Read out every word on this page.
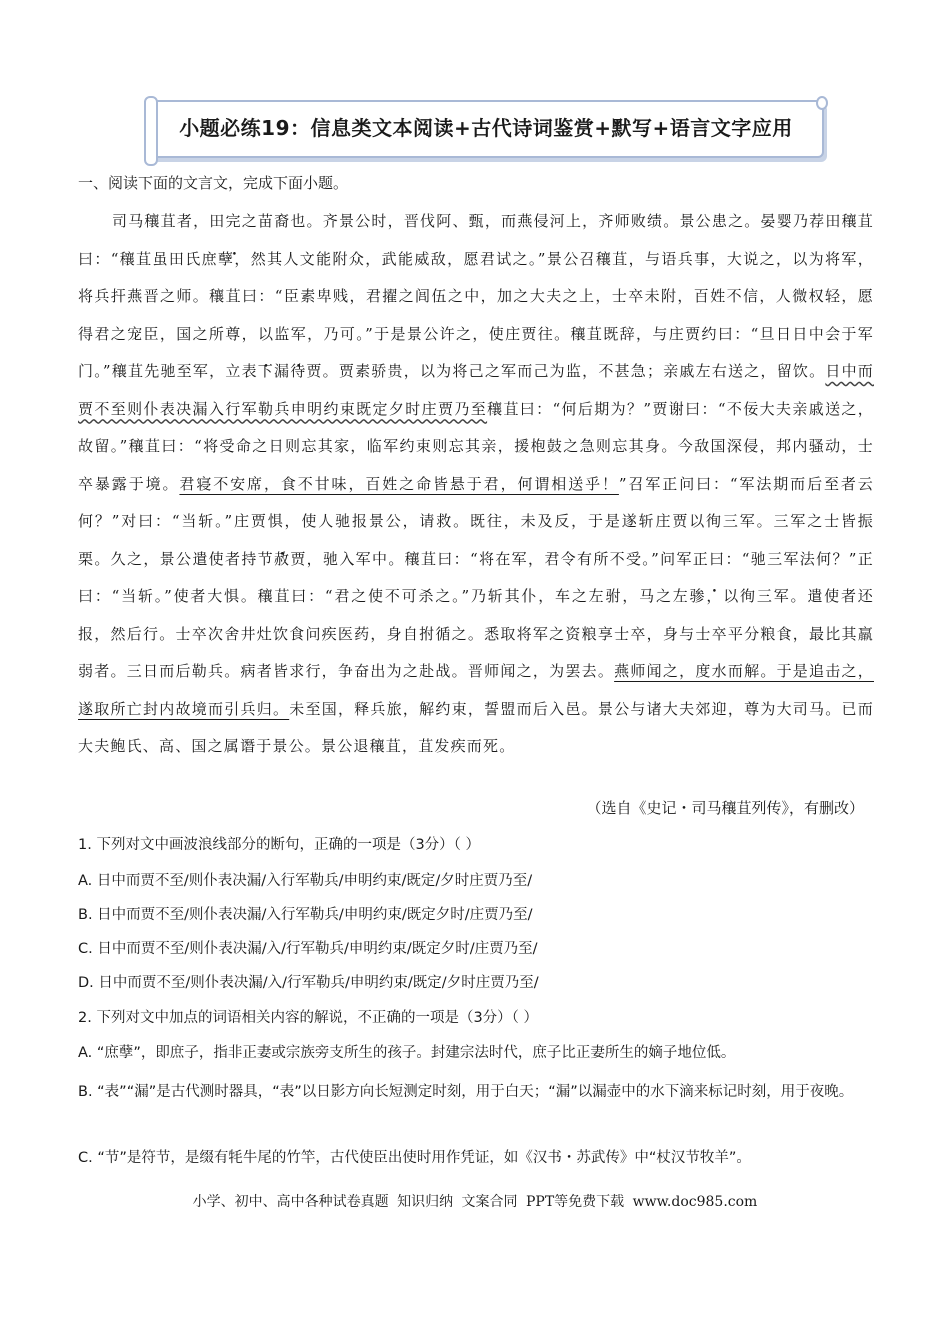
小题必练19：信息类文本阅读+古代诗词鉴赏+默写+语言文字应用
一、阅读下面的文言文，完成下面小题。

司马穰苴者，田完之苗裔也。齐景公时，晋伐阿、甄，而燕侵河上，齐师败绩。景公患之。晏婴乃荐田穰苴曰：“穰苴虽田氏• 庶孽，然其人文能附众，武能威敌，愿君试之。”景公召穰苴，与语兵事，大说之，以为将军，将兵扞燕晋之师。穰苴曰：“臣素卑贱，君擢之闾伍之中，加之大夫之上，士卒未附，百姓不信，人微权轻，愿得君之宠臣，国之所尊，以监军，乃可。”于是景公许之，使庄贾往。穰苴既辞，与庄贾约曰：“旦日日中会于军门。”穰苴先驰至军，立• 表下• 漏待贾。贾素骄贵，以为将己之军而己为监，不甚急；亲戚左右送之，留饮。日中而贾不至则仆表决漏入行军勒兵申明约束既定夕时庄贾乃至穰苴曰：“何后期为？”贾谢曰：“不佞大夫亲戚送之，故留。”穰苴曰：“将受命之日则忘其家，临军约束则忘其亲，援枹鼓之急则忘其身。今敌国深侵，邦内骚动，士卒暴露于境。君寝不安席，食不甘味，百姓之命皆悬于君，何谓相送乎！”召军正问曰：“军法期而后至者云何？”对曰：“当斩。”庄贾惧，使人驰报景公，请救。既往，未及反，于是遂斩庄贾以徇三军。三军之士皆振栗。久之，景公遣使者持• 节赦贾，驰入军中。穰苴曰：“将在军，君令有所不受。”问军正曰：“驰三军法何？”正曰：“当斩。”使者大惧。穰苴曰：“君之使不可杀之。”乃斩其仆，车之左驸，马之左• 骖，以徇三军。遣使者还报，然后行。士卒次舍井灶饮食问疾医药，身自拊循之。悉取将军之资粮享士卒，身与士卒平分粮食，最比其羸弱者。三日而后勒兵。病者皆求行，争奋出为之赴战。晋师闻之，为罢去。燕师闻之，度水而解。于是追击之，遂取所亡封内故境而引兵归。未至国，释兵旅，解约束，誓盟而后入邑。景公与诸大夫郊迎，尊为大司马。已而大夫鲍氏、高、国之属谮于景公。景公退穰苴，苴发疾而死。

（选自《史记・司马穰苴列传》，有删改）
1. 下列对文中画波浪线部分的断句，正确的一项是（3分）（ ）
A. 日中而贾不至/则仆表决漏/入行军勒兵/申明约束/既定/夕时庄贾乃至/
B. 日中而贾不至/则仆表决漏/入行军勒兵/申明约束/既定夕时/庄贾乃至/
C. 日中而贾不至/则仆表决漏/入/行军勒兵/申明约束/既定夕时/庄贾乃至/
D. 日中而贾不至/则仆表决漏/入/行军勒兵/申明约束/既定/夕时庄贾乃至/
2. 下列对文中加点的词语相关内容的解说，不正确的一项是（3分）（ ）
A. “庶孽”，即庶子，指非正妻或宗族旁支所生的孩子。封建宗法时代，庶子比正妻所生的嫡子地位低。
B. “表”“漏”是古代测时器具，“表”以日影方向长短测定时刻，用于白天；“漏”以漏壶中的水下滴来标记时刻，用于夜晚。
C. “节”是符节，是缀有牦牛尾的竹竿，古代使臣出使时用作凭证，如《汉书・苏武传》中“杖汉节牧羊”。
小学、初中、高中各种试卷真题 知识归纳 文案合同 PPT等免费下载 www.doc985.com
